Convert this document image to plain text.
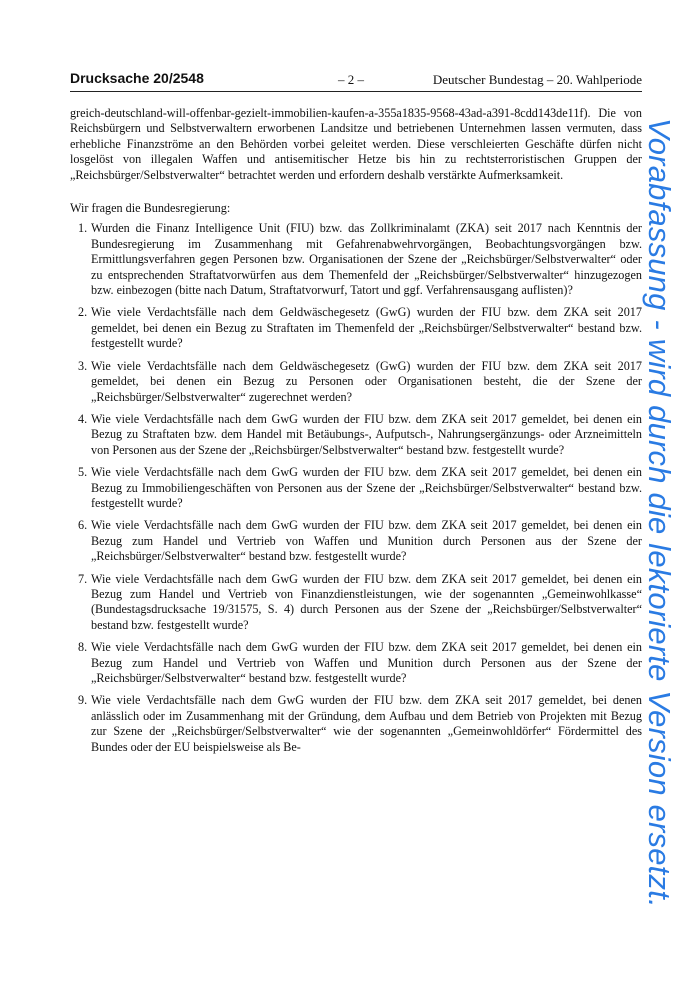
Drucksache 20/2548	– 2 –	Deutscher Bundestag – 20. Wahlperiode

greich-deutschland-will-offenbar-gezielt-immobilien-kaufen-a-355a1835-9568-43ad-a391-8cdd143de11f). Die von Reichsbürgern und Selbstverwaltern erworbenen Landsitze und betriebenen Unternehmen lassen vermuten, dass erhebliche Finanzströme an den Behörden vorbei geleitet werden. Diese verschleierten Geschäfte dürfen nicht losgelöst von illegalen Waffen und antisemitischer Hetze bis hin zu rechtsterroristischen Gruppen der „Reichsbürger/Selbstverwalter“ betrachtet werden und erfordern deshalb verstärkte Aufmerksamkeit.

Wir fragen die Bundesregierung:

1. Wurden die Finanz Intelligence Unit (FIU) bzw. das Zollkriminalamt (ZKA) seit 2017 nach Kenntnis der Bundesregierung im Zusammenhang mit Gefahrenabwehrvorgängen, Beobachtungsvorgängen bzw. Ermittlungsverfahren gegen Personen bzw. Organisationen der Szene der „Reichsbürger/Selbstverwalter“ oder zu entsprechenden Straftatvorwürfen aus dem Themenfeld der „Reichsbürger/Selbstverwalter“ hinzugezogen bzw. einbezogen (bitte nach Datum, Straftatvorwurf, Tatort und ggf. Verfahrensausgang auflisten)?
2. Wie viele Verdachtsfälle nach dem Geldwäschegesetz (GwG) wurden der FIU bzw. dem ZKA seit 2017 gemeldet, bei denen ein Bezug zu Straftaten im Themenfeld der „Reichsbürger/Selbstverwalter“ bestand bzw. festgestellt wurde?
3. Wie viele Verdachtsfälle nach dem Geldwäschegesetz (GwG) wurden der FIU bzw. dem ZKA seit 2017 gemeldet, bei denen ein Bezug zu Personen oder Organisationen besteht, die der Szene der „Reichsbürger/Selbstverwalter“ zugerechnet werden?
4. Wie viele Verdachtsfälle nach dem GwG wurden der FIU bzw. dem ZKA seit 2017 gemeldet, bei denen ein Bezug zu Straftaten bzw. dem Handel mit Betäubungs-, Aufputsch-, Nahrungsergänzungs- oder Arzneimitteln von Personen aus der Szene der „Reichsbürger/Selbstverwalter“ bestand bzw. festgestellt wurde?
5. Wie viele Verdachtsfälle nach dem GwG wurden der FIU bzw. dem ZKA seit 2017 gemeldet, bei denen ein Bezug zu Immobiliengeschäften von Personen aus der Szene der „Reichsbürger/Selbstverwalter“ bestand bzw. festgestellt wurde?
6. Wie viele Verdachtsfälle nach dem GwG wurden der FIU bzw. dem ZKA seit 2017 gemeldet, bei denen ein Bezug zum Handel und Vertrieb von Waffen und Munition durch Personen aus der Szene der „Reichsbürger/Selbstverwalter“ bestand bzw. festgestellt wurde?
7. Wie viele Verdachtsfälle nach dem GwG wurden der FIU bzw. dem ZKA seit 2017 gemeldet, bei denen ein Bezug zum Handel und Vertrieb von Finanzdienstleistungen, wie der sogenannten „Gemeinwohlkasse“ (Bundestagsdrucksache 19/31575, S. 4) durch Personen aus der Szene der „Reichsbürger/Selbstverwalter“ bestand bzw. festgestellt wurde?
8. Wie viele Verdachtsfälle nach dem GwG wurden der FIU bzw. dem ZKA seit 2017 gemeldet, bei denen ein Bezug zum Handel und Vertrieb von Waffen und Munition durch Personen aus der Szene der „Reichsbürger/Selbstverwalter“ bestand bzw. festgestellt wurde?
9. Wie viele Verdachtsfälle nach dem GwG wurden der FIU bzw. dem ZKA seit 2017 gemeldet, bei denen anlässlich oder im Zusammenhang mit der Gründung, dem Aufbau und dem Betrieb von Projekten mit Bezug zur Szene der „Reichsbürger/Selbstverwalter“ wie der sogenannten „Gemeinwohldörfer“ Fördermittel des Bundes oder der EU beispielsweise als Be-	Vorabfassung - wird durch die lektorierte Version ersetzt.
